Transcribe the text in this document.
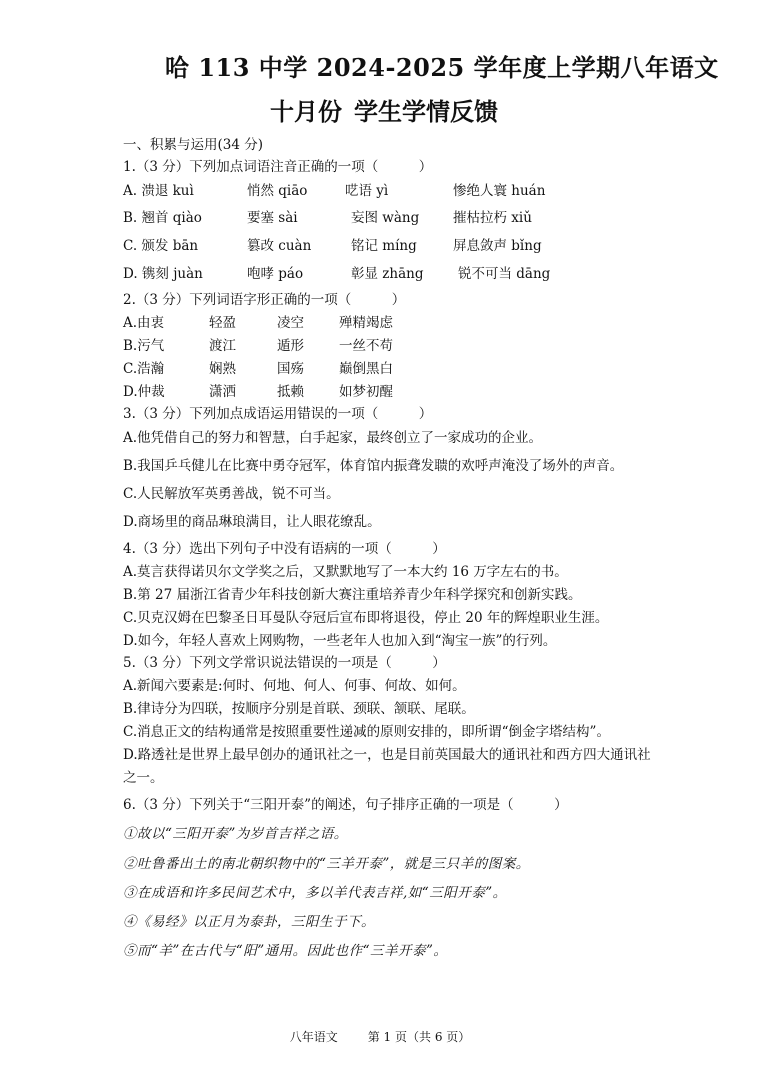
哈 113 中学 2024-2025 学年度上学期八年语文
十月份 学生学情反馈
一、积累与运用(34 分)
1.（3 分）下列加点词语注音正确的一项（　　　）
A. 溃退 kuì	悄然 qiāo	呓语 yì	惨绝人寰 huán
B. 翘首 qiào	要塞 sài	妄图 wàng	摧枯拉朽 xiǔ
C. 颁发 bān	篡改 cuàn	铭记 míng	屏息敛声 bǐng
D. 镌刻 juàn	咆哮 páo	彰显 zhāng	锐不可当 dāng
2.（3 分）下列词语字形正确的一项（　　　）
A.由衷	轻盈	凌空	殚精竭虑
B.污气	渡江	遁形	一丝不苟
C.浩瀚	娴熟	国殇	巅倒黑白
D.仲裁	潇洒	抵赖	如梦初醒
3.（3 分）下列加点成语运用错误的一项（　　　）
A.他凭借自己的努力和智慧，白手起家，最终创立了一家成功的企业。
B.我国乒乓健儿在比赛中勇夺冠军，体育馆内振聋发聩的欢呼声淹没了场外的声音。
C.人民解放军英勇善战，锐不可当。
D.商场里的商品琳琅满目，让人眼花缭乱。
4.（3 分）选出下列句子中没有语病的一项（　　　）
A.莫言获得诺贝尔文学奖之后，又默默地写了一本大约 16 万字左右的书。
B.第 27 届浙江省青少年科技创新大赛注重培养青少年科学探究和创新实践。
C.贝克汉姆在巴黎圣日耳曼队夺冠后宣布即将退役，停止 20 年的辉煌职业生涯。
D.如今，年轻人喜欢上网购物，一些老年人也加入到“淘宝一族”的行列。
5.（3 分）下列文学常识说法错误的一项是（　　　）
A.新闻六要素是:何时、何地、何人、何事、何故、如何。
B.律诗分为四联，按顺序分别是首联、颈联、颔联、尾联。
C.消息正文的结构通常是按照重要性递减的原则安排的，即所谓“倒金字塔结构”。
D.路透社是世界上最早创办的通讯社之一，也是目前英国最大的通讯社和西方四大通讯社
之一。
6.（3 分）下列关于“三阳开泰”的阐述，句子排序正确的一项是（　　　）
①故以“三阳开泰”为岁首吉祥之语。
②吐鲁番出土的南北朝织物中的“三羊开泰”，就是三只羊的图案。
③在成语和许多民间艺术中，多以羊代表吉祥,如“三阳开泰”。
④《易经》以正月为泰卦，三阳生于下。
⑤而“羊”在古代与“阳”通用。因此也作“三羊开泰”。
八年语文	第 1 页（共 6 页）
